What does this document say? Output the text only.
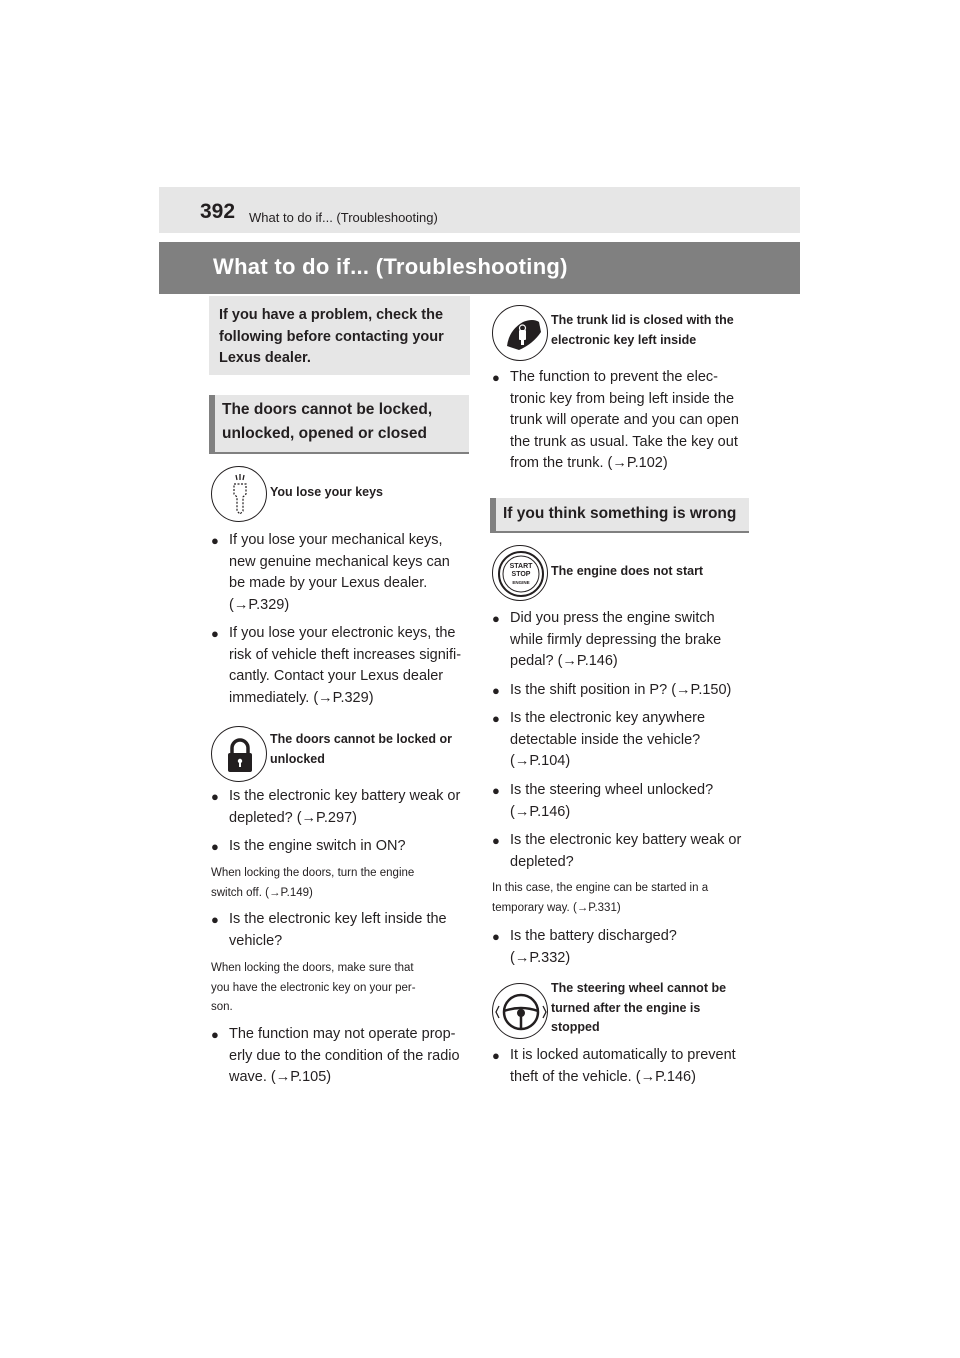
392 What to do if... (Troubleshooting)
What to do if... (Troubleshooting)
If you have a problem, check the
following before contacting your
Lexus dealer.
The doors cannot be locked,
unlocked, opened or closed
You lose your keys
● If you lose your mechanical keys,
new genuine mechanical keys can
be made by your Lexus dealer.
(→P.329)
● If you lose your electronic keys, the
risk of vehicle theft increases signifi-
cantly. Contact your Lexus dealer
immediately. (→P.329)
The doors cannot be locked or
unlocked
● Is the electronic key battery weak or
depleted? (→P.297)
● Is the engine switch in ON?
When locking the doors, turn the engine
switch off. (→P.149)
● Is the electronic key left inside the
vehicle?
When locking the doors, make sure that
you have the electronic key on your per-
son.
● The function may not operate prop-
erly due to the condition of the radio
wave. (→P.105)
The trunk lid is closed with the
electronic key left inside
● The function to prevent the elec-
tronic key from being left inside the
trunk will operate and you can open
the trunk as usual. Take the key out
from the trunk. (→P.102)
If you think something is wrong
START
STOP
ENGINE
The engine does not start
● Did you press the engine switch
while firmly depressing the brake
pedal? (→P.146)
● Is the shift position in P? (→P.150)
● Is the electronic key anywhere
detectable inside the vehicle?
(→P.104)
● Is the steering wheel unlocked?
(→P.146)
● Is the electronic key battery weak or
depleted?
In this case, the engine can be started in a
temporary way. (→P.331)
● Is the battery discharged?
(→P.332)
The steering wheel cannot be
turned after the engine is
stopped
● It is locked automatically to prevent
theft of the vehicle. (→P.146)
